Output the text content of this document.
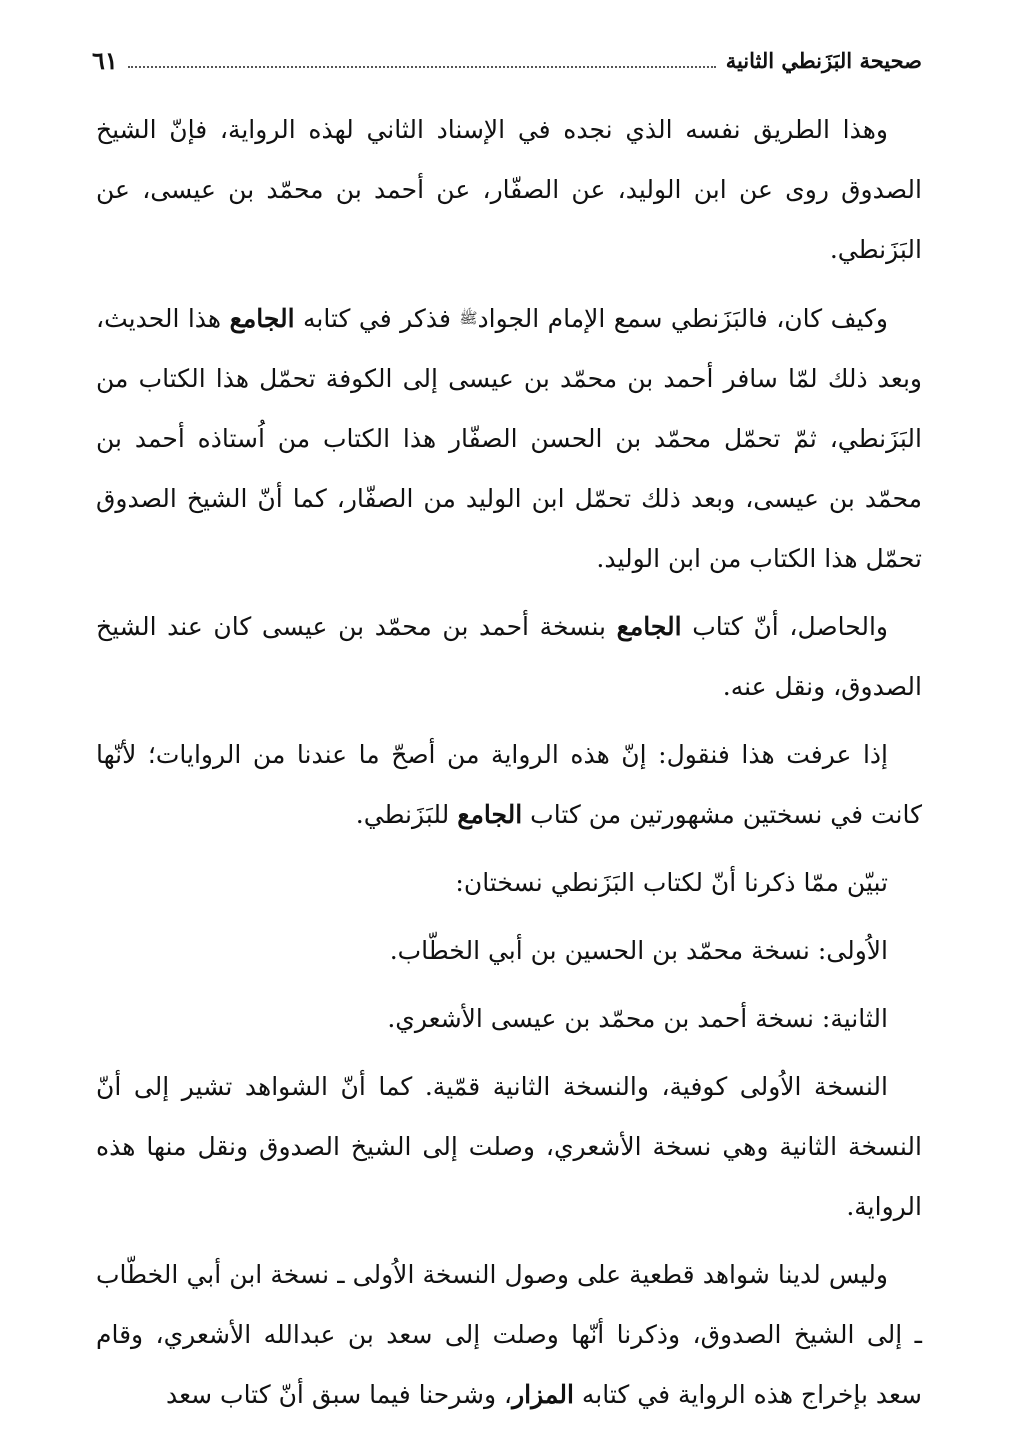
صحيحة البَزَنطي الثانية
٦١

وهذا الطريق نفسه الذي نجده في الإسناد الثاني لهذه الرواية، فإنّ الشيخ الصدوق روى عن ابن الوليد، عن الصفّار، عن أحمد بن محمّد بن عيسى، عن البَزَنطي.

وكيف كان، فالبَزَنطي سمع الإمام الجوادﷺ فذكر في كتابه الجامع هذا الحديث، وبعد ذلك لمّا سافر أحمد بن محمّد بن عيسى إلى الكوفة تحمّل هذا الكتاب من البَزَنطي، ثمّ تحمّل محمّد بن الحسن الصفّار هذا الكتاب من اُستاذه أحمد بن محمّد بن عيسى، وبعد ذلك تحمّل ابن الوليد من الصفّار، كما أنّ الشيخ الصدوق تحمّل هذا الكتاب من ابن الوليد.

والحاصل، أنّ كتاب الجامع بنسخة أحمد بن محمّد بن عيسى كان عند الشيخ الصدوق، ونقل عنه.

إذا عرفت هذا فنقول: إنّ هذه الرواية من أصحّ ما عندنا من الروايات؛ لأنّها كانت في نسختين مشهورتين من كتاب الجامع للبَزَنطي.

تبيّن ممّا ذكرنا أنّ لكتاب البَزَنطي نسختان:

الاُولى: نسخة محمّد بن الحسين بن أبي الخطّاب.

الثانية: نسخة أحمد بن محمّد بن عيسى الأشعري.

النسخة الاُولى كوفية، والنسخة الثانية قمّية. كما أنّ الشواهد تشير إلى أنّ النسخة الثانية وهي نسخة الأشعري، وصلت إلى الشيخ الصدوق ونقل منها هذه الرواية.

وليس لدينا شواهد قطعية على وصول النسخة الاُولى ـ نسخة ابن أبي الخطّاب ـ إلى الشيخ الصدوق، وذكرنا أنّها وصلت إلى سعد بن عبدالله الأشعري، وقام سعد بإخراج هذه الرواية في كتابه المزار، وشرحنا فيما سبق أنّ كتاب سعد
